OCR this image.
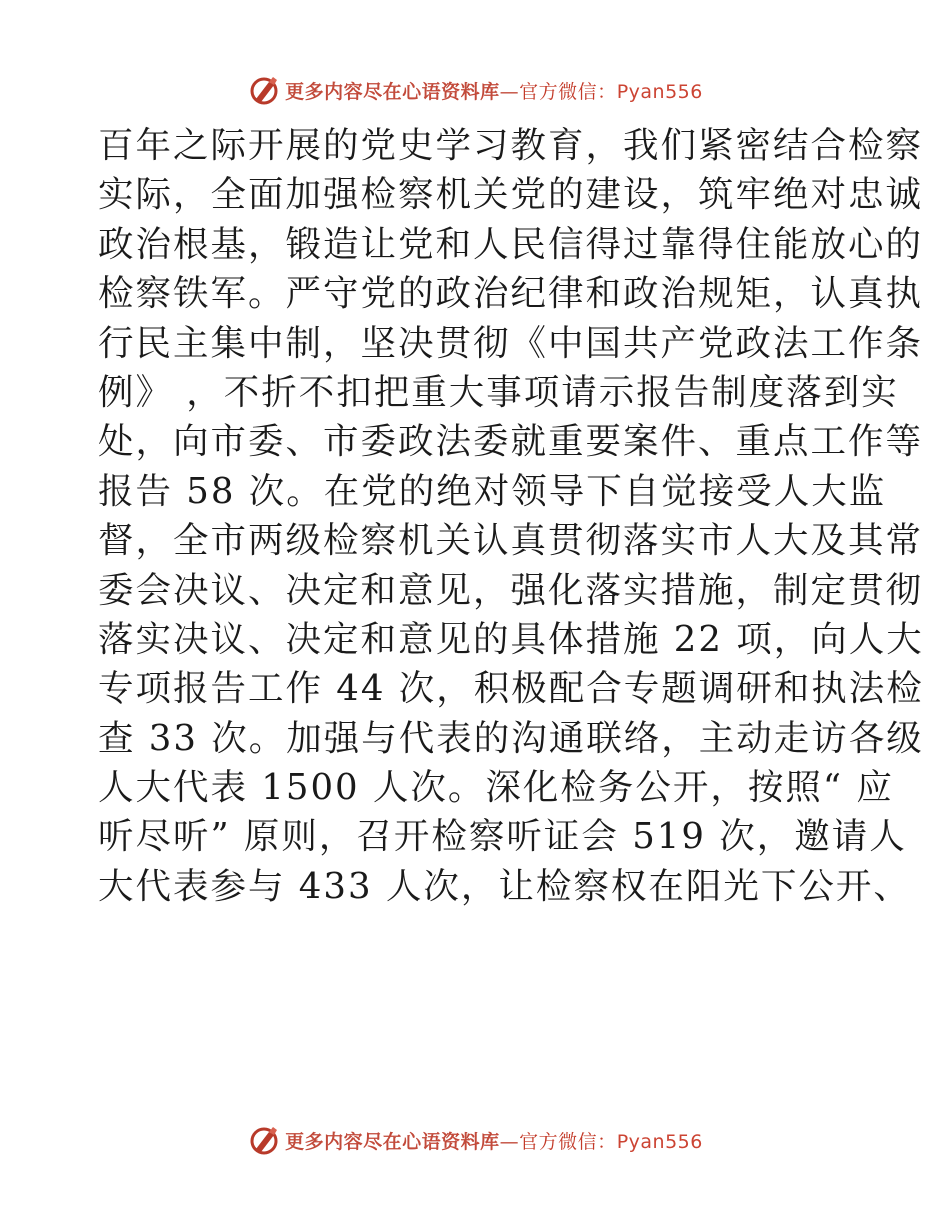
更多内容尽在心语资料库—官方微信：Pyan556
百年之际开展的党史学习教育，我们紧密结合检察
实际，全面加强检察机关党的建设，筑牢绝对忠诚
政治根基，锻造让党和人民信得过靠得住能放心的
检察铁军。严守党的政治纪律和政治规矩，认真执
行民主集中制，坚决贯彻《中国共产党政法工作条
例》 ，不折不扣把重大事项请示报告制度落到实
处，向市委、市委政法委就重要案件、重点工作等
报告 58 次。在党的绝对领导下自觉接受人大监
督，全市两级检察机关认真贯彻落实市人大及其常
委会决议、决定和意见，强化落实措施，制定贯彻
落实决议、决定和意见的具体措施 22 项，向人大
专项报告工作 44 次，积极配合专题调研和执法检
查 33 次。加强与代表的沟通联络，主动走访各级
人大代表 1500 人次。深化检务公开，按照“ 应
听尽听” 原则，召开检察听证会 519 次，邀请人
大代表参与 433 人次，让检察权在阳光下公开、
更多内容尽在心语资料库—官方微信：Pyan556
